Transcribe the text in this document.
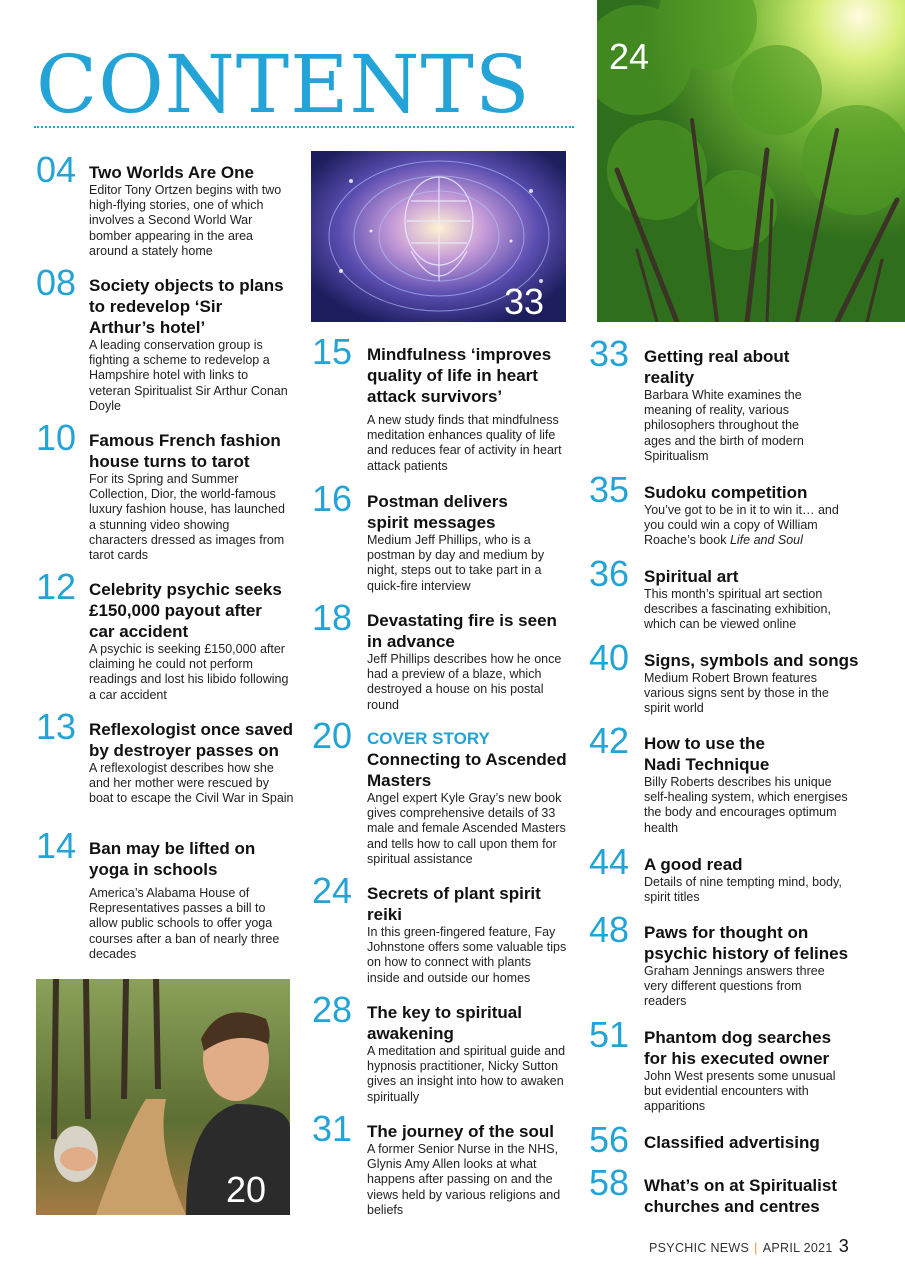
CONTENTS 24
33
20
04 Two Worlds Are One
Editor Tony Ortzen begins with two high-flying stories, one of which involves a Second World War bomber appearing in the area around a stately home
08 Society objects to plans to redevelop ‘Sir Arthur’s hotel’
A leading conservation group is fighting a scheme to redevelop a Hampshire hotel with links to veteran Spiritualist Sir Arthur Conan Doyle
10 Famous French fashion house turns to tarot
For its Spring and Summer Collection, Dior, the world-famous luxury fashion house, has launched a stunning video showing characters dressed as images from tarot cards
12 Celebrity psychic seeks £150,000 payout after car accident
A psychic is seeking £150,000 after claiming he could not perform readings and lost his libido following a car accident
13 Reflexologist once saved by destroyer passes on
A reflexologist describes how she and her mother were rescued by boat to escape the Civil War in Spain
14 Ban may be lifted on yoga in schools
America’s Alabama House of Representatives passes a bill to allow public schools to offer yoga courses after a ban of nearly three decades
15 Mindfulness ‘improves quality of life in heart attack survivors’
A new study finds that mindfulness meditation enhances quality of life and reduces fear of activity in heart attack patients
16 Postman delivers spirit messages
Medium Jeff Phillips, who is a postman by day and medium by night, steps out to take part in a quick-fire interview
18 Devastating fire is seen in advance
Jeff Phillips describes how he once had a preview of a blaze, which destroyed a house on his postal round
20 COVER STORY
Connecting to Ascended Masters
Angel expert Kyle Gray’s new book gives comprehensive details of 33 male and female Ascended Masters and tells how to call upon them for spiritual assistance
24 Secrets of plant spirit reiki
In this green-fingered feature, Fay Johnstone offers some valuable tips on how to connect with plants inside and outside our homes
28 The key to spiritual awakening
A meditation and spiritual guide and hypnosis practitioner, Nicky Sutton gives an insight into how to awaken spiritually
31 The journey of the soul
A former Senior Nurse in the NHS, Glynis Amy Allen looks at what happens after passing on and the views held by various religions and beliefs
33 Getting real about reality
Barbara White examines the meaning of reality, various philosophers throughout the ages and the birth of modern Spiritualism
35 Sudoku competition
You’ve got to be in it to win it… and you could win a copy of William Roache’s book Life and Soul
36 Spiritual art
This month’s spiritual art section describes a fascinating exhibition, which can be viewed online
40 Signs, symbols and songs
Medium Robert Brown features various signs sent by those in the spirit world
42 How to use the Nadi Technique
Billy Roberts describes his unique self-healing system, which energises the body and encourages optimum health
44 A good read
Details of nine tempting mind, body, spirit titles
48 Paws for thought on psychic history of felines
Graham Jennings answers three very different questions from readers
51 Phantom dog searches for his executed owner
John West presents some unusual but evidential encounters with apparitions
56 Classified advertising
58 What’s on at Spiritualist churches and centres
PSYCHIC NEWS | APRIL 2021 3
